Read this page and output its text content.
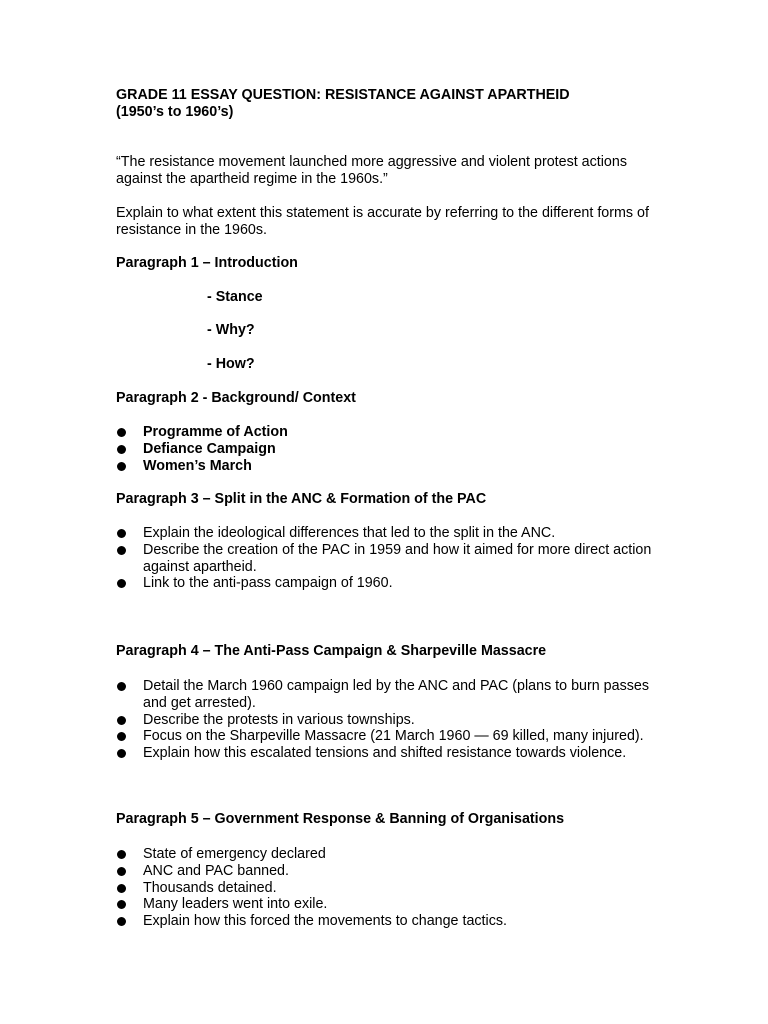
GRADE 11 ESSAY QUESTION: RESISTANCE AGAINST APARTHEID
(1950’s to 1960’s)

“The resistance movement launched more aggressive and violent protest actions against the apartheid regime in the 1960s.”

Explain to what extent this statement is accurate by referring to the different forms of resistance in the 1960s.

Paragraph 1 – Introduction

- Stance

- Why?

- How?

Paragraph 2 - Background/ Context

Programme of Action
Defiance Campaign
Women’s March

Paragraph 3 – Split in the ANC & Formation of the PAC

Explain the ideological differences that led to the split in the ANC.
Describe the creation of the PAC in 1959 and how it aimed for more direct action against apartheid.
Link to the anti-pass campaign of 1960.

Paragraph 4 – The Anti-Pass Campaign & Sharpeville Massacre

Detail the March 1960 campaign led by the ANC and PAC (plans to burn passes and get arrested).
Describe the protests in various townships.
Focus on the Sharpeville Massacre (21 March 1960 — 69 killed, many injured).
Explain how this escalated tensions and shifted resistance towards violence.

Paragraph 5 – Government Response & Banning of Organisations

State of emergency declared
ANC and PAC banned.
Thousands detained.
Many leaders went into exile.
Explain how this forced the movements to change tactics.
